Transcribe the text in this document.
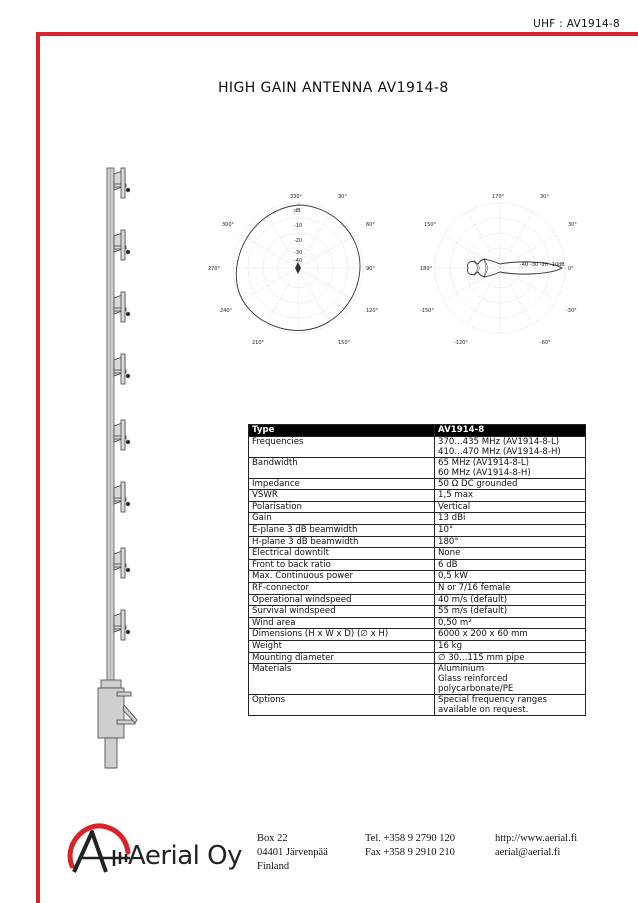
UHF : AV1914-8
HIGH GAIN ANTENNA AV1914-8
330°	30°
300°	60°
270°	90°
240°	120°
210°	150°
dB
-10
-20
-30
-40
170°	30°
150°	30°
180°	0°
-150°	-30°
-120°	-60°
-40 -30 -20 -10 dB
Type	AV1914-8
Frequencies	370...435 MHz (AV1914-8-L)
410...470 MHz (AV1914-8-H)

Bandwidth	65 MHz (AV1914-8-L)
60 MHz (AV1914-8-H)

Impedance	50 Ω DC grounded

VSWR	1,5 max

Polarisation	Vertical

Gain	13 dBi

E-plane 3 dB beamwidth	10°

H-plane 3 dB beamwidth	180°

Electrical downtilt	None

Front to back ratio	6 dB

Max. Continuous power	0,5 kW

RF-connector	N or 7/16 female

Operational windspeed	40 m/s (default)

Survival windspeed	55 m/s (default)

Wind area	0,50 m²

Dimensions (H x W x D) (∅ x H)	6000 x 200 x 60 mm

Weight	16 kg

Mounting diameter	∅ 30...115 mm pipe

Materials	Aluminium
Glass reinforced
polycarbonate/PE

Options	Special frequency ranges
available on request.
Aerial Oy
Box 22
04401 Järvenpää
Finland
Tel. +358 9 2790 120
Fax +358 9 2910 210
http://www.aerial.fi
aerial@aerial.fi
